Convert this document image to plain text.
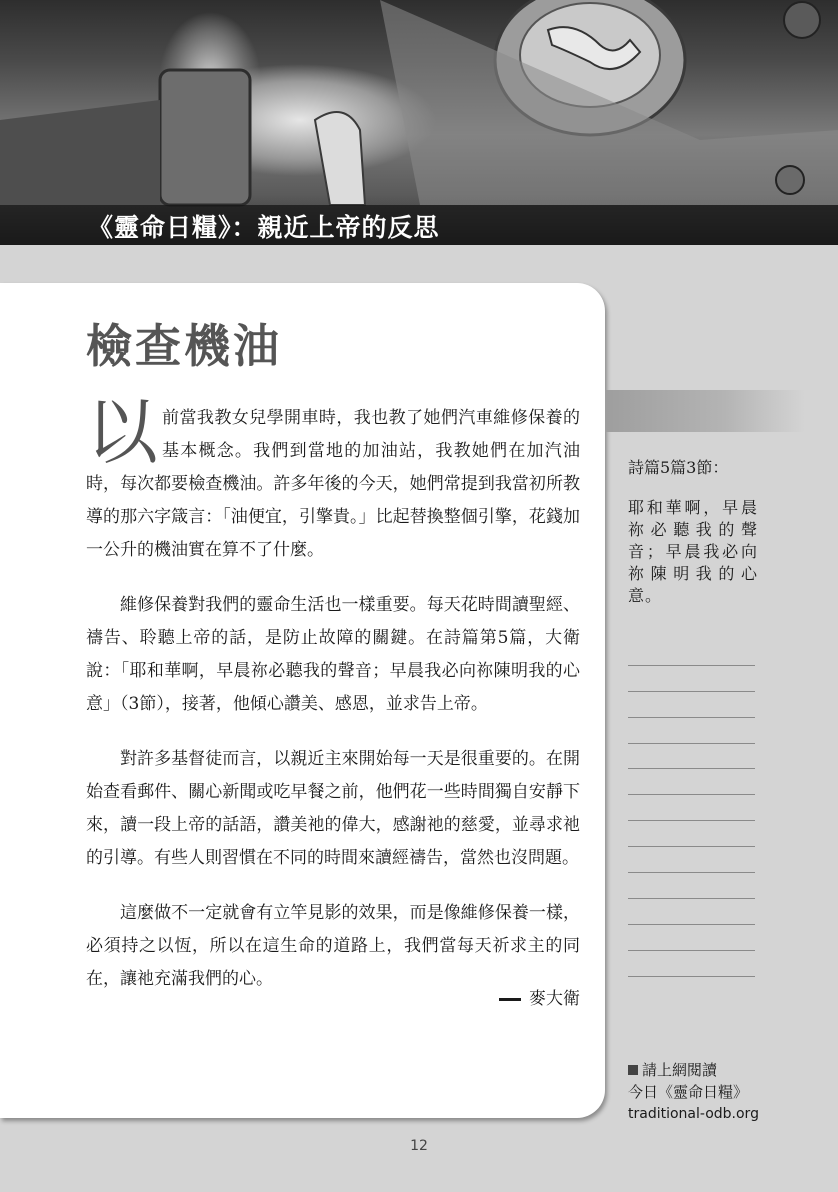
《靈命日糧》：親近上帝的反思
檢查機油

以前當我教女兒學開車時，我也教了她們汽車維修保養的基本概念。我們到當地的加油站，我教她們在加汽油時，每次都要檢查機油。許多年後的今天，她們常提到我當初所教導的那六字箴言：「油便宜，引擎貴。」比起替換整個引擎，花錢加一公升的機油實在算不了什麼。

維修保養對我們的靈命生活也一樣重要。每天花時間讀聖經、禱告、聆聽上帝的話，是防止故障的關鍵。在詩篇第5篇，大衛說：「耶和華啊，早晨祢必聽我的聲音；早晨我必向祢陳明我的心意」（3節），接著，他傾心讚美、感恩，並求告上帝。

對許多基督徒而言，以親近主來開始每一天是很重要的。在開始查看郵件、關心新聞或吃早餐之前，他們花一些時間獨自安靜下來，讀一段上帝的話語，讚美祂的偉大，感謝祂的慈愛，並尋求祂的引導。有些人則習慣在不同的時間來讀經禱告，當然也沒問題。

這麼做不一定就會有立竿見影的效果，而是像維修保養一樣，必須持之以恆，所以在這生命的道路上，我們當每天祈求主的同在，讓祂充滿我們的心。

麥大衛
詩篇5篇3節：
耶和華啊，早晨祢必聽我的聲音；早晨我必向祢陳明我的心意。
請上網閱讀
今日《靈命日糧》
traditional-odb.org
12
